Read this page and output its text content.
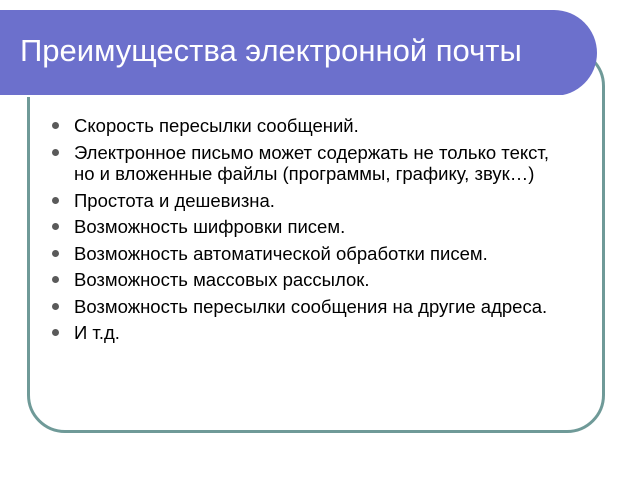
Преимущества электронной почты
Скорость пересылки сообщений.
Электронное письмо может содержать не только текст, но и вложенные файлы (программы, графику, звук…)
Простота и дешевизна.
Возможность шифровки писем.
Возможность автоматической обработки писем.
Возможность массовых рассылок.
Возможность пересылки сообщения на другие адреса.
И т.д.
